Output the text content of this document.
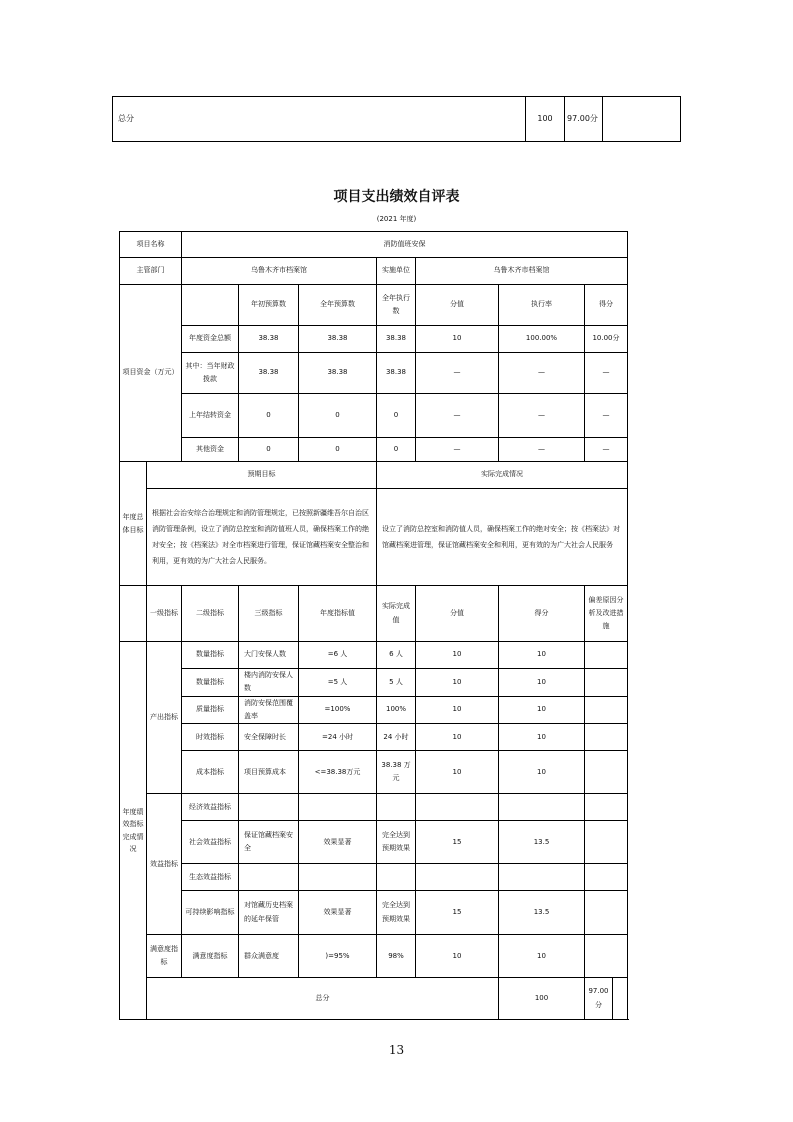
总分	100	97.00分	
项目支出绩效自评表
(2021 年度)
项目名称		消防值班安保							
主管部门		乌鲁木齐市档案馆			实施单位	乌鲁木齐市档案馆			
项目资金（万元）			年初预算数	全年预算数	全年执行数	分值	执行率	得分	
		年度资金总额	38.38	38.38	38.38	10	100.00%	10.00分	
		其中：当年财政拨款	38.38	38.38	38.38	—	—	—	
		上年结转资金	0	0	0	—	—	—	
		其他资金	0	0	0	—	—	—	
年度总体目标	预期目标				实际完成情况				
	根据社会治安综合治理规定和消防管理规定，已按照新疆维吾尔自治区消防管理条例，设立了消防总控室和消防值班人员，确保档案工作的绝对安全；按《档案法》对全市档案进行管理，保证馆藏档案安全整治和利用，更有效的为广大社会人民服务。				设立了消防总控室和消防值人员，确保档案工作的绝对安全；按《档案法》对馆藏档案进管理，保证馆藏档案安全和利用，更有效的为广大社会人民服务				
	一级指标	二级指标	三级指标	年度指标值	实际完成值	分值	得分	偏差原因分析及改进措施	
年度绩效指标完成情况	产出指标	数量指标	大门安保人数	=6 人	6 人	10	10		
		数量指标	楼内消防安保人数	=5 人	5 人	10	10		
		质量指标	消防安保范围覆盖率	=100%	100%	10	10		
		时效指标	安全保障时长	=24 小时	24 小时	10	10		
		成本指标	项目预算成本	<=38.38万元	38.38 万元	10	10		
	效益指标	经济效益指标							
		社会效益指标	保证馆藏档案安全	效果显著	完全达到预期效果	15	13.5		
		生态效益指标							
		可持续影响指标	对馆藏历史档案的延年保管	效果显著	完全达到预期效果	15	13.5		
	满意度指标	满意度指标	群众满意度	)=95%	98%	10	10		
	总分						100	97.00分	
13
